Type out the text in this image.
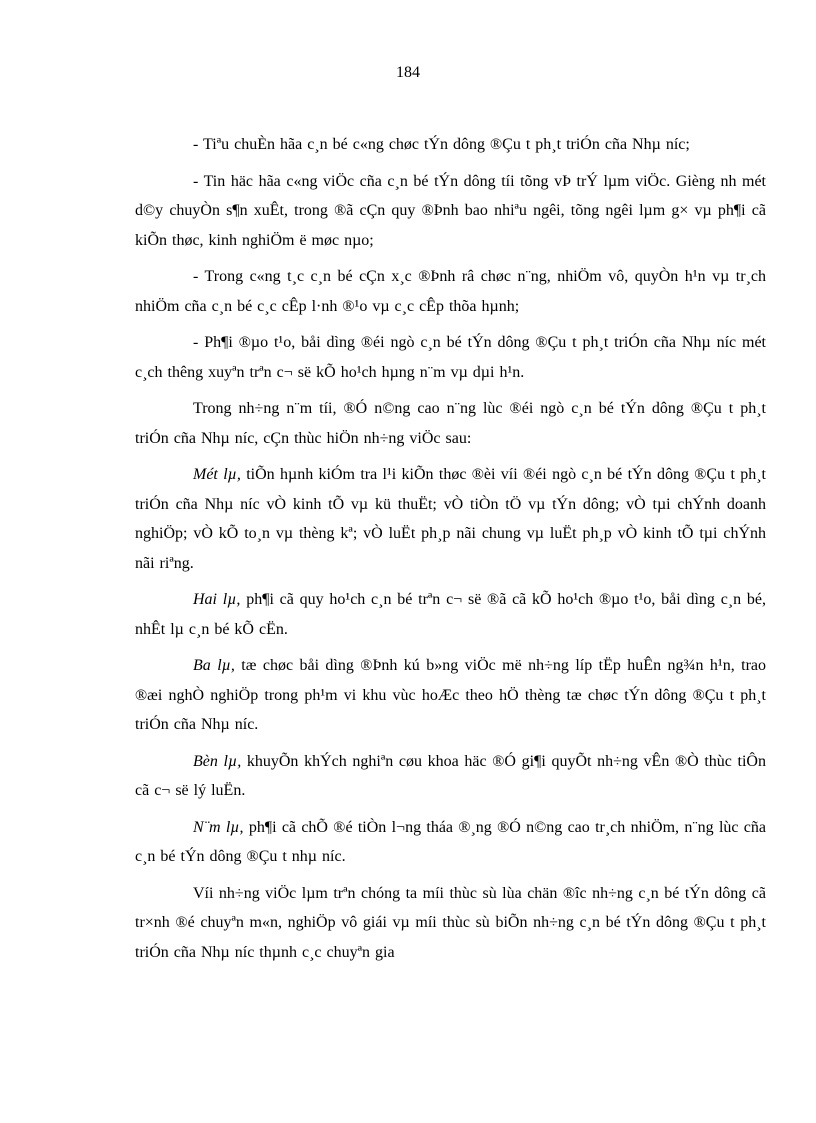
184

- Tiªu chuÈn hãa c¸n bé c«ng chøc tÝn dông ®Çu t ph¸t triÓn cña Nhµ níc;

- Tin häc hãa c«ng viÖc cña c¸n bé tÝn dông tíi tõng vÞ trÝ lµm viÖc. Gièng nh mét d©y chuyÒn s¶n xuÊt, trong ®ã cÇn quy ®Þnh bao nhiªu ngêi, tõng ngêi lµm g× vµ ph¶i cã kiÕn thøc, kinh nghiÖm ë møc nµo;

- Trong c«ng t¸c c¸n bé cÇn x¸c ®Þnh râ chøc n¨ng, nhiÖm vô, quyÒn h¹n vµ tr¸ch nhiÖm cña c¸n bé c¸c cÊp l·nh ®¹o vµ c¸c cÊp thõa hµnh;

- Ph¶i ®µo t¹o, båi dìng ®éi ngò c¸n bé tÝn dông ®Çu t ph¸t triÓn cña Nhµ níc mét c¸ch thêng xuyªn trªn c¬ së kÕ ho¹ch hµng n¨m vµ dµi h¹n.

Trong nh÷ng n¨m tíi, ®Ó n©ng cao n¨ng lùc ®éi ngò c¸n bé tÝn dông ®Çu t ph¸t triÓn cña Nhµ níc, cÇn thùc hiÖn nh÷ng viÖc sau:

Mét lµ, tiÕn hµnh kiÓm tra l¹i kiÕn thøc ®èi víi ®éi ngò c¸n bé tÝn dông ®Çu t ph¸t triÓn cña Nhµ níc vÒ kinh tÕ vµ kü thuËt; vÒ tiÒn tÖ vµ tÝn dông; vÒ tµi chÝnh doanh nghiÖp; vÒ kÕ to¸n vµ thèng kª; vÒ luËt ph¸p nãi chung vµ luËt ph¸p vÒ kinh tÕ tµi chÝnh nãi riªng.

Hai lµ, ph¶i cã quy ho¹ch c¸n bé trªn c¬ së ®ã cã kÕ ho¹ch ®µo t¹o, båi dìng c¸n bé, nhÊt lµ c¸n bé kÕ cËn.

Ba lµ, tæ chøc båi dìng ®Þnh kú b»ng viÖc më nh÷ng líp tËp huÊn ng¾n h¹n, trao ®æi nghÒ nghiÖp trong ph¹m vi khu vùc hoÆc theo hÖ thèng tæ chøc tÝn dông ®Çu t ph¸t triÓn cña Nhµ níc.

Bèn lµ, khuyÕn khÝch nghiªn cøu khoa häc ®Ó gi¶i quyÕt nh÷ng vÊn ®Ò thùc tiÔn cã c¬ së lý luËn.

N¨m lµ, ph¶i cã chÕ ®é tiÒn l¬ng tháa ®¸ng ®Ó n©ng cao tr¸ch nhiÖm, n¨ng lùc cña c¸n bé tÝn dông ®Çu t nhµ níc.

Víi nh÷ng viÖc lµm trªn chóng ta míi thùc sù lùa chän ®îc nh÷ng c¸n bé tÝn dông cã tr×nh ®é chuyªn m«n, nghiÖp vô giái vµ míi thùc sù biÕn nh÷ng c¸n bé tÝn dông ®Çu t ph¸t triÓn cña Nhµ níc thµnh c¸c chuyªn gia
